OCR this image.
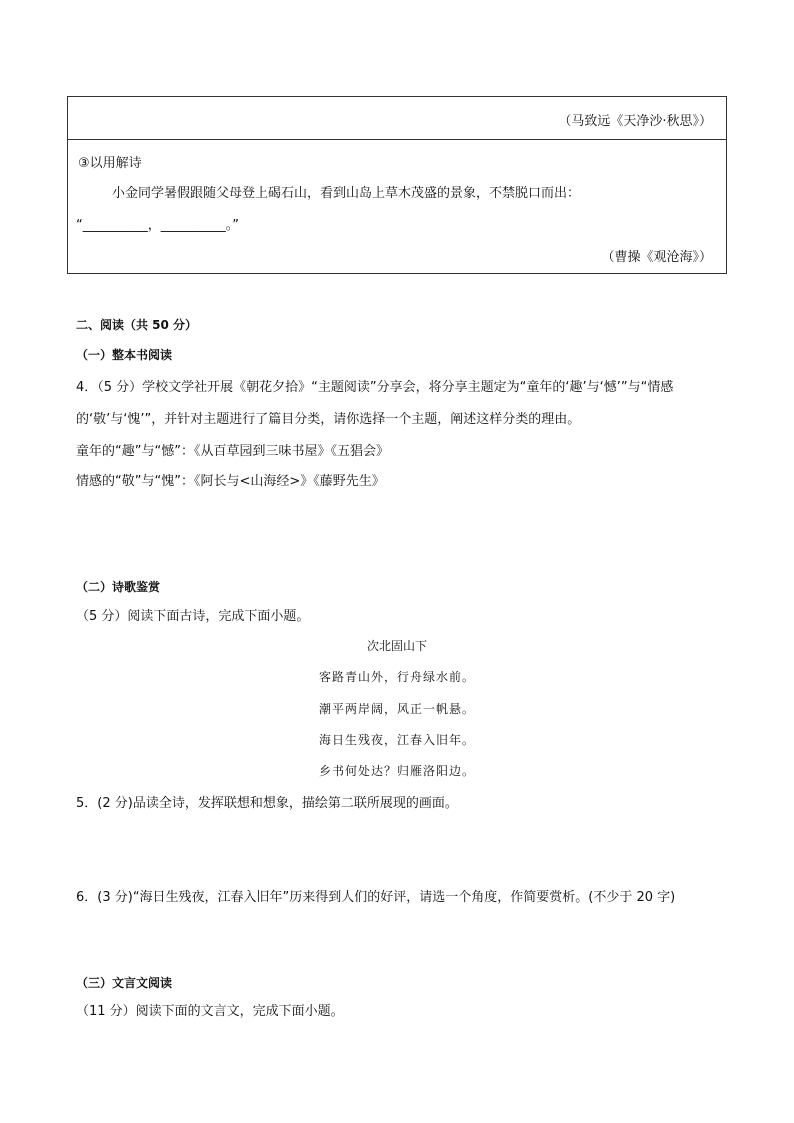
（马致远《天净沙·秋思》）
③以用解诗
小金同学暑假跟随父母登上碣石山，看到山岛上草木茂盛的景象，不禁脱口而出：
“__________，__________。”
（曹操《观沧海》）
二、阅读（共 50 分）
（一）整本书阅读
4．（5 分）学校文学社开展《朝花夕拾》“主题阅读”分享会，将分享主题定为“童年的‘趣’与‘憾’”与“情感
的‘敬’与‘愧’”，并针对主题进行了篇目分类，请你选择一个主题，阐述这样分类的理由。
童年的“趣”与“憾”：《从百草园到三味书屋》《五猖会》
情感的“敬”与“愧”：《阿长与<山海经>》《藤野先生》
（二）诗歌鉴赏
（5 分）阅读下面古诗，完成下面小题。
次北固山下
客路青山外，行舟绿水前。
潮平两岸阔，风正一帆悬。
海日生残夜，江春入旧年。
乡书何处达？归雁洛阳边。
5．(2 分)品读全诗，发挥联想和想象，描绘第二联所展现的画面。
6．(3 分)“海日生残夜，江春入旧年”历来得到人们的好评，请选一个角度，作简要赏析。(不少于 20 字)
（三）文言文阅读
（11 分）阅读下面的文言文，完成下面小题。
